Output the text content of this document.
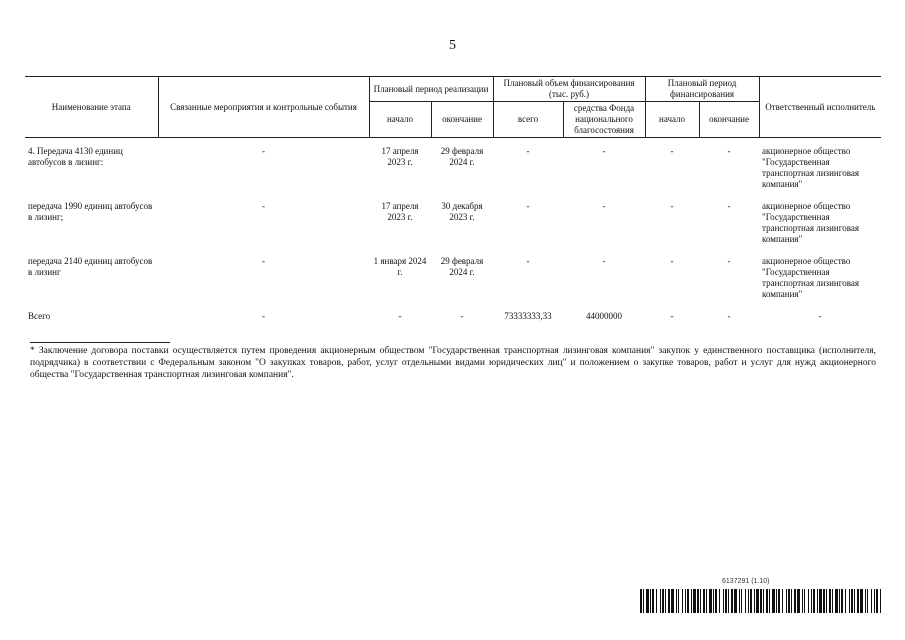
5
Наименование этапа	Связанные мероприятия и контрольные события	Плановый период реализации		Плановый объем финансирования (тыс. руб.)		Плановый период финансирования		Ответственный исполнитель
		начало	окончание	всего	средства Фонда национального благосостояния	начало	окончание	
4. Передача 4130 единиц автобусов в лизинг:	-	17 апреля 2023 г.	29 февраля 2024 г.	-	-	-	-	акционерное общество "Государственная транспортная лизинговая компания"
передача 1990 единиц автобусов в лизинг;	-	17 апреля 2023 г.	30 декабря 2023 г.	-	-	-	-	акционерное общество "Государственная транспортная лизинговая компания"
передача 2140 единиц автобусов в лизинг	-	1 января 2024 г.	29 февраля 2024 г.	-	-	-	-	акционерное общество "Государственная транспортная лизинговая компания"
Всего	-	-	-	73333333,33	44000000	-	-	-
* Заключение договора поставки осуществляется путем проведения акционерным обществом "Государственная транспортная лизинговая компания" закупок у единственного поставщика (исполнителя, подрядчика) в соответствии с Федеральным законом "О закупках товаров, работ, услуг отдельными видами юридических лиц" и положением о закупке товаров, работ и услуг для нужд акционерного общества "Государственная транспортная лизинговая компания".
6137291 (1.10)
